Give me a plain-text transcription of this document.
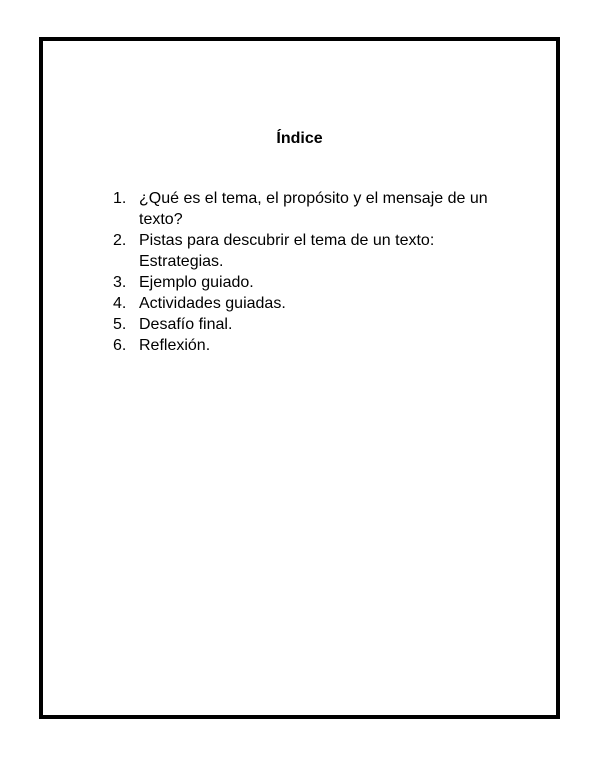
Índice
1. ¿Qué es el tema, el propósito y el mensaje de un texto?
2. Pistas para descubrir el tema de un texto: Estrategias.
3. Ejemplo guiado.
4. Actividades guiadas.
5. Desafío final.
6. Reflexión.
